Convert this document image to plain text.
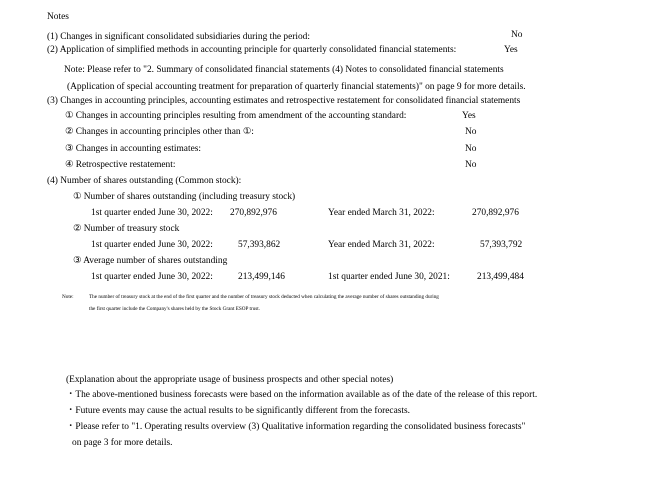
Notes
(1) Changes in significant consolidated subsidiaries during the period:	No
(2) Application of simplified methods in accounting principle for quarterly consolidated financial statements:	Yes
Note: Please refer to "2. Summary of consolidated financial statements (4) Notes to consolidated financial statements
(Application of special accounting treatment for preparation of quarterly financial statements)" on page 9 for more details.
(3) Changes in accounting principles, accounting estimates and retrospective restatement for consolidated financial statements
① Changes in accounting principles resulting from amendment of the accounting standard:	Yes
② Changes in accounting principles other than ①:	No
③ Changes in accounting estimates:	No
④ Retrospective restatement:	No
(4) Number of shares outstanding (Common stock):
① Number of shares outstanding (including treasury stock)
1st quarter ended June 30, 2022: 270,892,976	Year ended March 31, 2022:	270,892,976
② Number of treasury stock
1st quarter ended June 30, 2022:	57,393,862	Year ended March 31, 2022:	57,393,792
③ Average number of shares outstanding
1st quarter ended June 30, 2022:	213,499,146	1st quarter ended June 30, 2021:	213,499,484
Note:	The number of treasury stock at the end of the first quarter and the number of treasury stock deducted when calculating the average number of shares outstanding during
the first quarter include the Company's shares held by the Stock Grant ESOP trust.
(Explanation about the appropriate usage of business prospects and other special notes)
・The above-mentioned business forecasts were based on the information available as of the date of the release of this report.
・Future events may cause the actual results to be significantly different from the forecasts.
・Please refer to "1. Operating results overview (3) Qualitative information regarding the consolidated business forecasts"
on page 3 for more details.
